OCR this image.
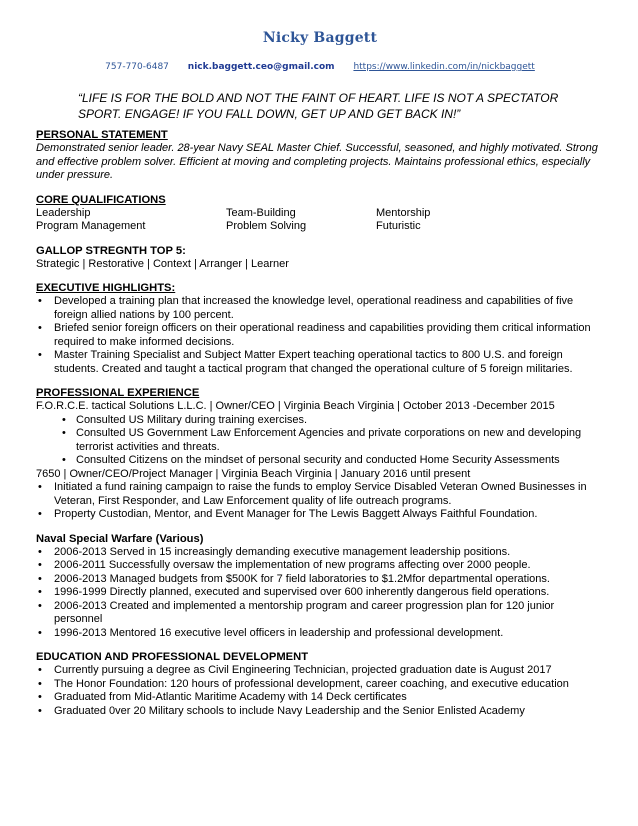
Nicky Baggett
757-770-6487 nick.baggett.ceo@gmail.com https://www.linkedin.com/in/nickbaggett
“LIFE IS FOR THE BOLD AND NOT THE FAINT OF HEART. LIFE IS NOT A SPECTATOR SPORT. ENGAGE! IF YOU FALL DOWN, GET UP AND GET BACK IN!”
PERSONAL STATEMENT
Demonstrated senior leader. 28-year Navy SEAL Master Chief. Successful, seasoned, and highly motivated. Strong and effective problem solver. Efficient at moving and completing projects. Maintains professional ethics, especially under pressure.
CORE QUALIFICATIONS
Leadership	Team-Building	Mentorship
Program Management	Problem Solving	Futuristic
GALLOP STREGNTH TOP 5:
Strategic | Restorative | Context | Arranger | Learner
EXECUTIVE HIGHLIGHTS:
• Developed a training plan that increased the knowledge level, operational readiness and capabilities of five foreign allied nations by 100 percent.
• Briefed senior foreign officers on their operational readiness and capabilities providing them critical information required to make informed decisions.
• Master Training Specialist and Subject Matter Expert teaching operational tactics to 800 U.S. and foreign students. Created and taught a tactical program that changed the operational culture of 5 foreign militaries.
PROFESSIONAL EXPERIENCE
F.O.R.C.E. tactical Solutions L.L.C. | Owner/CEO | Virginia Beach Virginia | October 2013 -December 2015
• Consulted US Military during training exercises.
• Consulted US Government Law Enforcement Agencies and private corporations on new and developing terrorist activities and threats.
• Consulted Citizens on the mindset of personal security and conducted Home Security Assessments
7650 | Owner/CEO/Project Manager | Virginia Beach Virginia | January 2016 until present
• Initiated a fund raining campaign to raise the funds to employ Service Disabled Veteran Owned Businesses in Veteran, First Responder, and Law Enforcement quality of life outreach programs.
• Property Custodian, Mentor, and Event Manager for The Lewis Baggett Always Faithful Foundation.
Naval Special Warfare (Various)
• 2006-2013 Served in 15 increasingly demanding executive management leadership positions.
• 2006-2011 Successfully oversaw the implementation of new programs affecting over 2000 people.
• 2006-2013 Managed budgets from $500K for 7 field laboratories to $1.2Mfor departmental operations.
• 1996-1999 Directly planned, executed and supervised over 600 inherently dangerous field operations.
• 2006-2013 Created and implemented a mentorship program and career progression plan for 120 junior personnel
• 1996-2013 Mentored 16 executive level officers in leadership and professional development.
EDUCATION AND PROFESSIONAL DEVELOPMENT
• Currently pursuing a degree as Civil Engineering Technician, projected graduation date is August 2017
• The Honor Foundation: 120 hours of professional development, career coaching, and executive education
• Graduated from Mid-Atlantic Maritime Academy with 14 Deck certificates
• Graduated 0ver 20 Military schools to include Navy Leadership and the Senior Enlisted Academy
